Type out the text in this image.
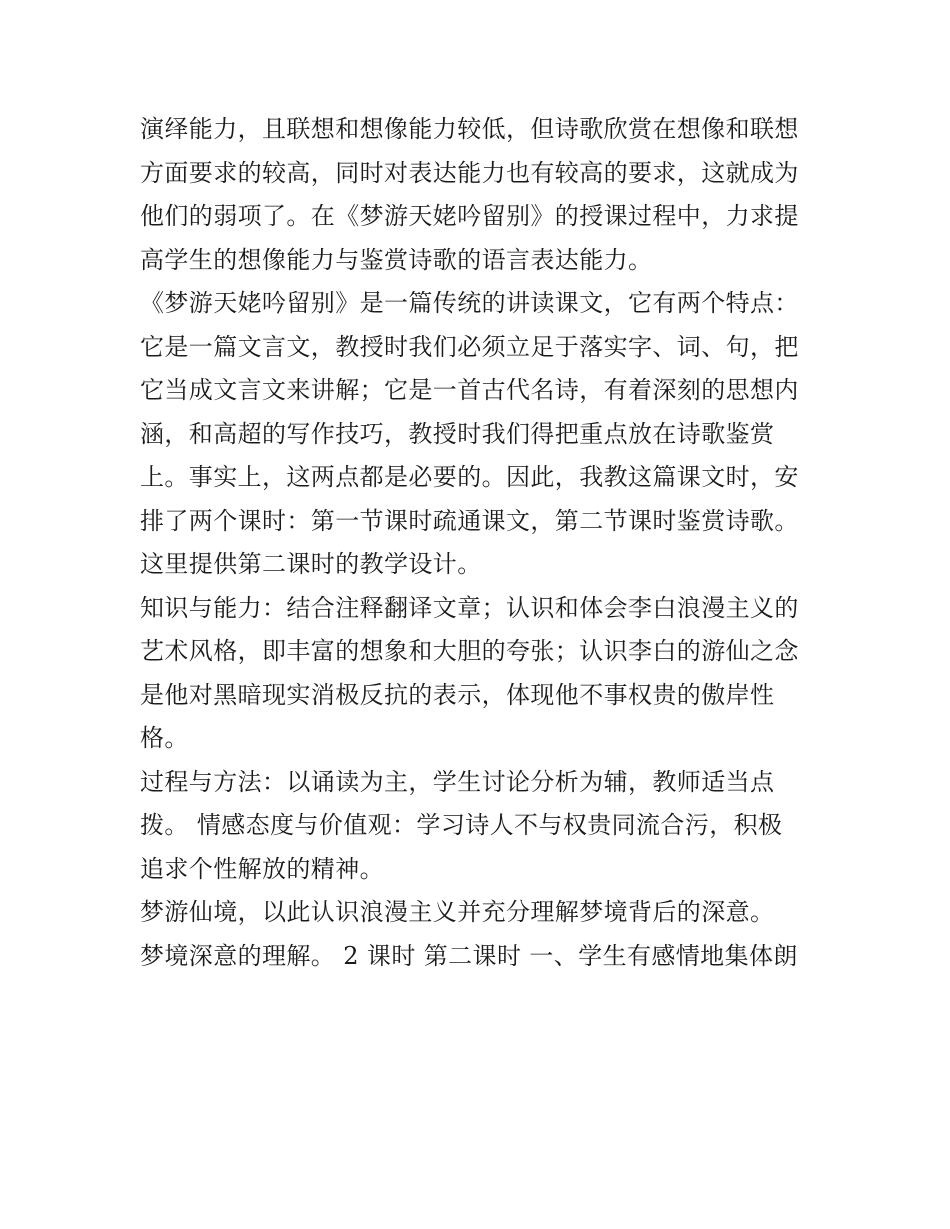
演绎能力，且联想和想像能力较低，但诗歌欣赏在想像和联想
方面要求的较高，同时对表达能力也有较高的要求，这就成为
他们的弱项了。在《梦游天姥吟留别》的授课过程中，力求提
高学生的想像能力与鉴赏诗歌的语言表达能力。
《梦游天姥吟留别》是一篇传统的讲读课文，它有两个特点：
它是一篇文言文，教授时我们必须立足于落实字、词、句，把
它当成文言文来讲解；它是一首古代名诗，有着深刻的思想内
涵，和高超的写作技巧，教授时我们得把重点放在诗歌鉴赏
上。事实上，这两点都是必要的。因此，我教这篇课文时，安
排了两个课时：第一节课时疏通课文，第二节课时鉴赏诗歌。
这里提供第二课时的教学设计。
知识与能力：结合注释翻译文章；认识和体会李白浪漫主义的
艺术风格，即丰富的想象和大胆的夸张；认识李白的游仙之念
是他对黑暗现实消极反抗的表示，体现他不事权贵的傲岸性
格。
过程与方法：以诵读为主，学生讨论分析为辅，教师适当点
拨。 情感态度与价值观：学习诗人不与权贵同流合污，积极
追求个性解放的精神。
梦游仙境，以此认识浪漫主义并充分理解梦境背后的深意。
梦境深意的理解。 2 课时 第二课时 一、学生有感情地集体朗
